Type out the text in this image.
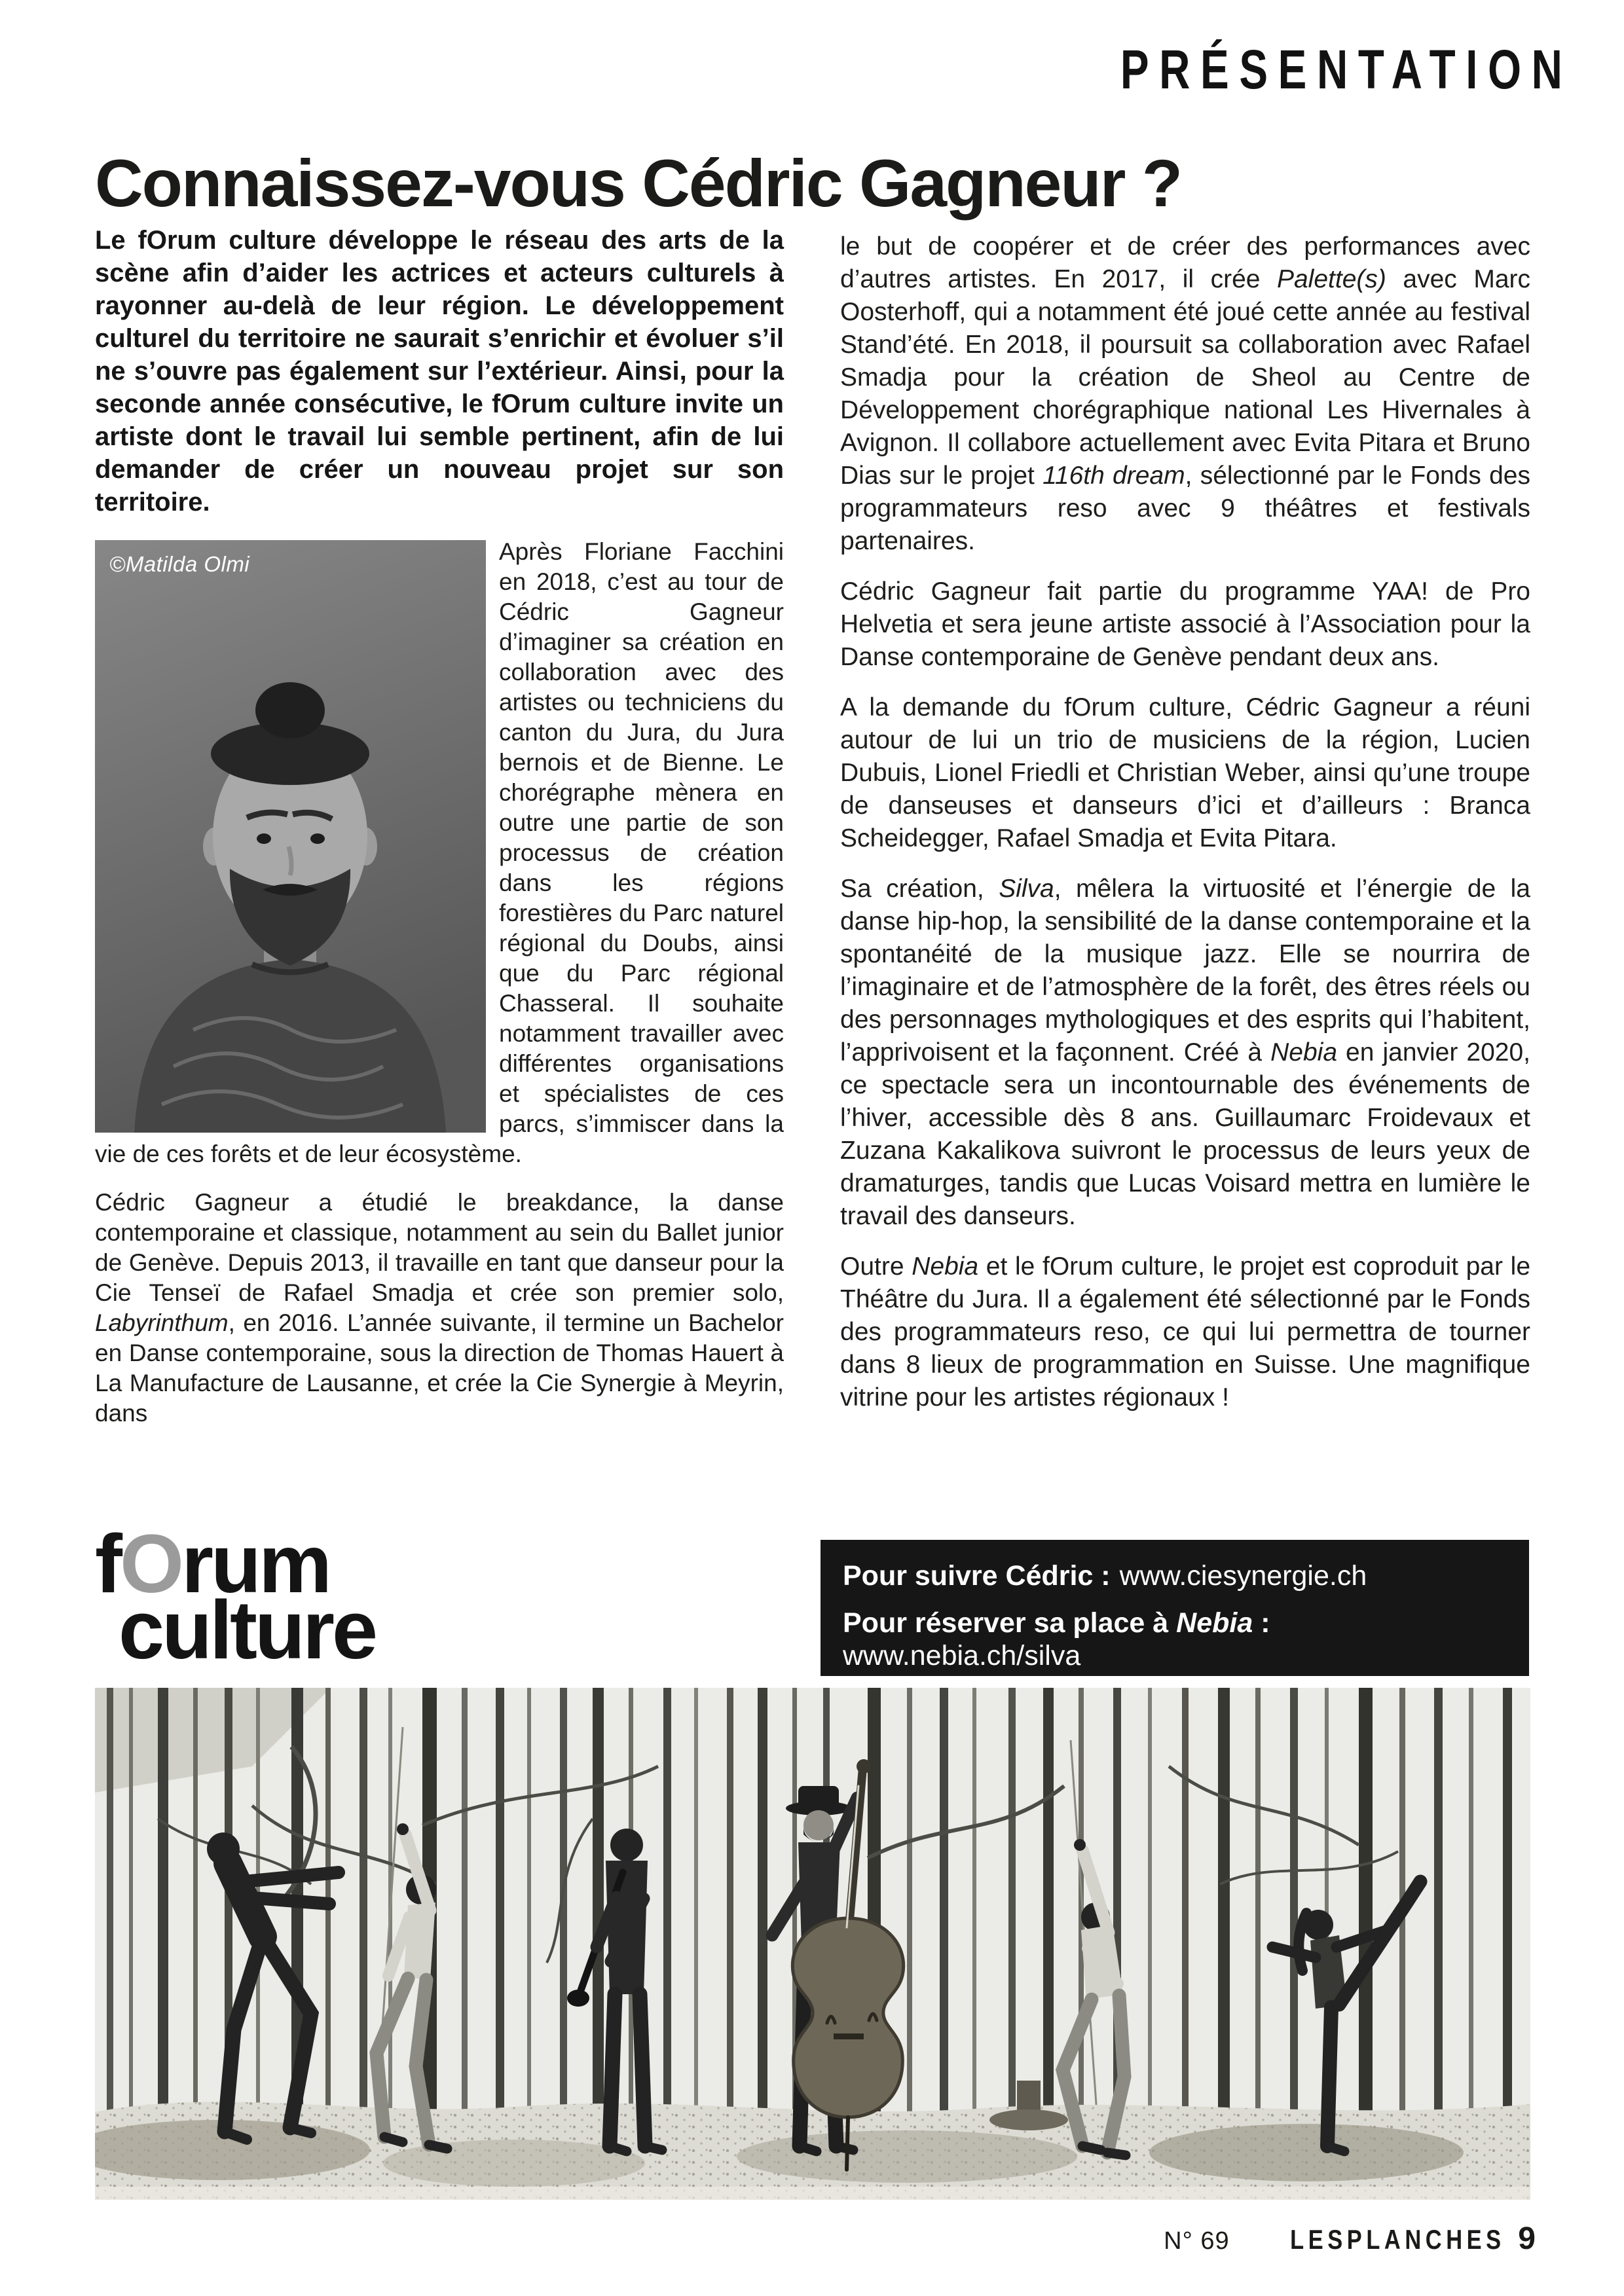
PRÉSENTATION
Connaissez-vous Cédric Gagneur ?

Le fOrum culture développe le réseau des arts de la scène afin d’aider les actrices et acteurs culturels à rayonner au-delà de leur région. Le développement culturel du territoire ne saurait s’enrichir et évoluer s’il ne s’ouvre pas également sur l’extérieur. Ainsi, pour la seconde année consécutive, le fOrum culture invite un artiste dont le travail lui semble pertinent, afin de lui demander de créer un nouveau projet sur son territoire.

©Matilda Olmi	Après Floriane Facchini en 2018, c’est au tour de Cédric Gagneur d’imaginer sa création en collaboration avec des artistes ou techniciens du canton du Jura, du Jura bernois et de Bienne. Le chorégraphe mènera en outre une partie de son processus de création dans les régions forestières du Parc naturel régional du Doubs, ainsi que du Parc régional Chasseral. Il souhaite notamment travailler avec différentes organisations et spécialistes de ces parcs, s’immiscer dans la vie de ces forêts et de leur écosystème.

Cédric Gagneur a étudié le breakdance, la danse contemporaine et classique, notamment au sein du Ballet junior de Genève. Depuis 2013, il travaille en tant que danseur pour la Cie Tenseï de Rafael Smadja et crée son premier solo, Labyrinthum, en 2016. L’année suivante, il termine un Bachelor en Danse contemporaine, sous la direction de Thomas Hauert à La Manufacture de Lausanne, et crée la Cie Synergie à Meyrin, dans

le but de coopérer et de créer des performances avec d’autres artistes. En 2017, il crée Palette(s) avec Marc Oosterhoff, qui a notamment été joué cette année au festival Stand’été. En 2018, il poursuit sa collaboration avec Rafael Smadja pour la création de Sheol au Centre de Développement chorégraphique national Les Hivernales à Avignon. Il collabore actuellement avec Evita Pitara et Bruno Dias sur le projet 116th dream, sélectionné par le Fonds des programmateurs reso avec 9 théâtres et festivals partenaires.

Cédric Gagneur fait partie du programme YAA! de Pro Helvetia et sera jeune artiste associé à l’Association pour la Danse contemporaine de Genève pendant deux ans.

A la demande du fOrum culture, Cédric Gagneur a réuni autour de lui un trio de musiciens de la région, Lucien Dubuis, Lionel Friedli et Christian Weber, ainsi qu’une troupe de danseuses et danseurs d’ici et d’ailleurs : Branca Scheidegger, Rafael Smadja et Evita Pitara.

Sa création, Silva, mêlera la virtuosité et l’énergie de la danse hip-hop, la sensibilité de la danse contemporaine et la spontanéité de la musique jazz. Elle se nourrira de l’imaginaire et de l’atmosphère de la forêt, des êtres réels ou des personnages mythologiques et des esprits qui l’habitent, l’apprivoisent et la façonnent. Créé à Nebia en janvier 2020, ce spectacle sera un incontournable des événements de l’hiver, accessible dès 8 ans. Guillaumarc Froidevaux et Zuzana Kakalikova suivront le processus de leurs yeux de dramaturges, tandis que Lucas Voisard mettra en lumière le travail des danseurs.

Outre Nebia et le fOrum culture, le projet est coproduit par le Théâtre du Jura. Il a également été sélectionné par le Fonds des programmateurs reso, ce qui lui permettra de tourner dans 8 lieux de programmation en Suisse. Une magnifique vitrine pour les artistes régionaux !

fOrum
culture
Pour suivre Cédric : www.ciesynergie.ch
Pour réserver sa place à Nebia :
www.nebia.ch/silva
N° 69 LESPLANCHES 9
